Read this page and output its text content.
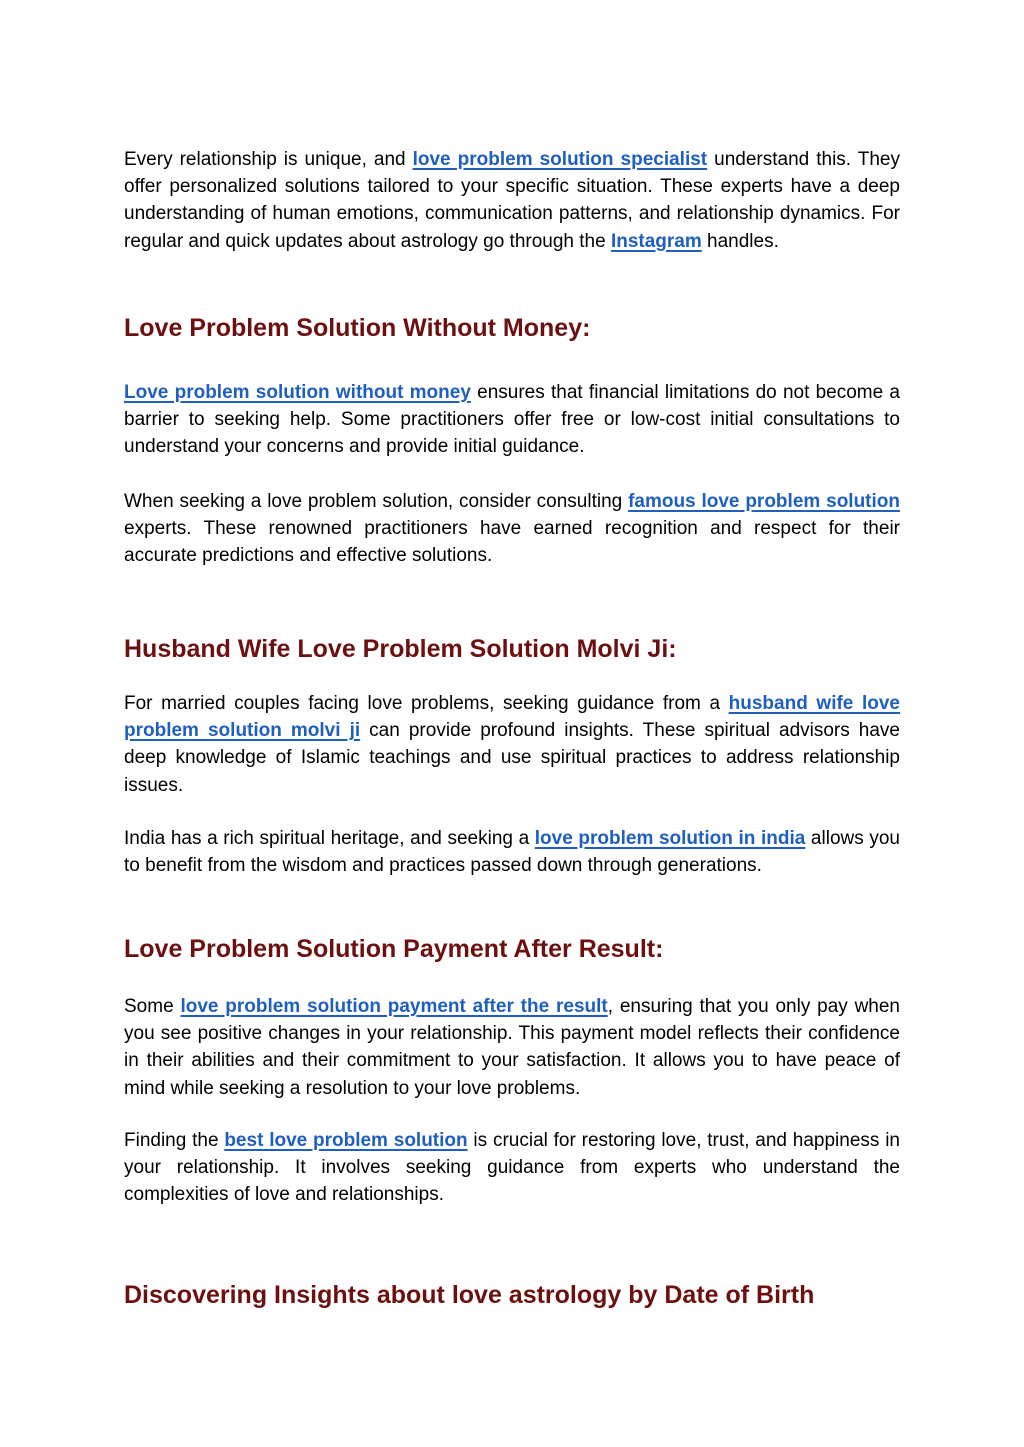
Every relationship is unique, and love problem solution specialist understand this. They offer personalized solutions tailored to your specific situation. These experts have a deep understanding of human emotions, communication patterns, and relationship dynamics. For regular and quick updates about astrology go through the Instagram handles.

Love Problem Solution Without Money:

Love problem solution without money ensures that financial limitations do not become a barrier to seeking help. Some practitioners offer free or low-cost initial consultations to understand your concerns and provide initial guidance.

When seeking a love problem solution, consider consulting famous love problem solution experts. These renowned practitioners have earned recognition and respect for their accurate predictions and effective solutions.

Husband Wife Love Problem Solution Molvi Ji:

For married couples facing love problems, seeking guidance from a husband wife love problem solution molvi ji can provide profound insights. These spiritual advisors have deep knowledge of Islamic teachings and use spiritual practices to address relationship issues.

India has a rich spiritual heritage, and seeking a love problem solution in india allows you to benefit from the wisdom and practices passed down through generations.

Love Problem Solution Payment After Result:

Some love problem solution payment after the result, ensuring that you only pay when you see positive changes in your relationship. This payment model reflects their confidence in their abilities and their commitment to your satisfaction. It allows you to have peace of mind while seeking a resolution to your love problems.

Finding the best love problem solution is crucial for restoring love, trust, and happiness in your relationship. It involves seeking guidance from experts who understand the complexities of love and relationships.

Discovering Insights about love astrology by Date of Birth
